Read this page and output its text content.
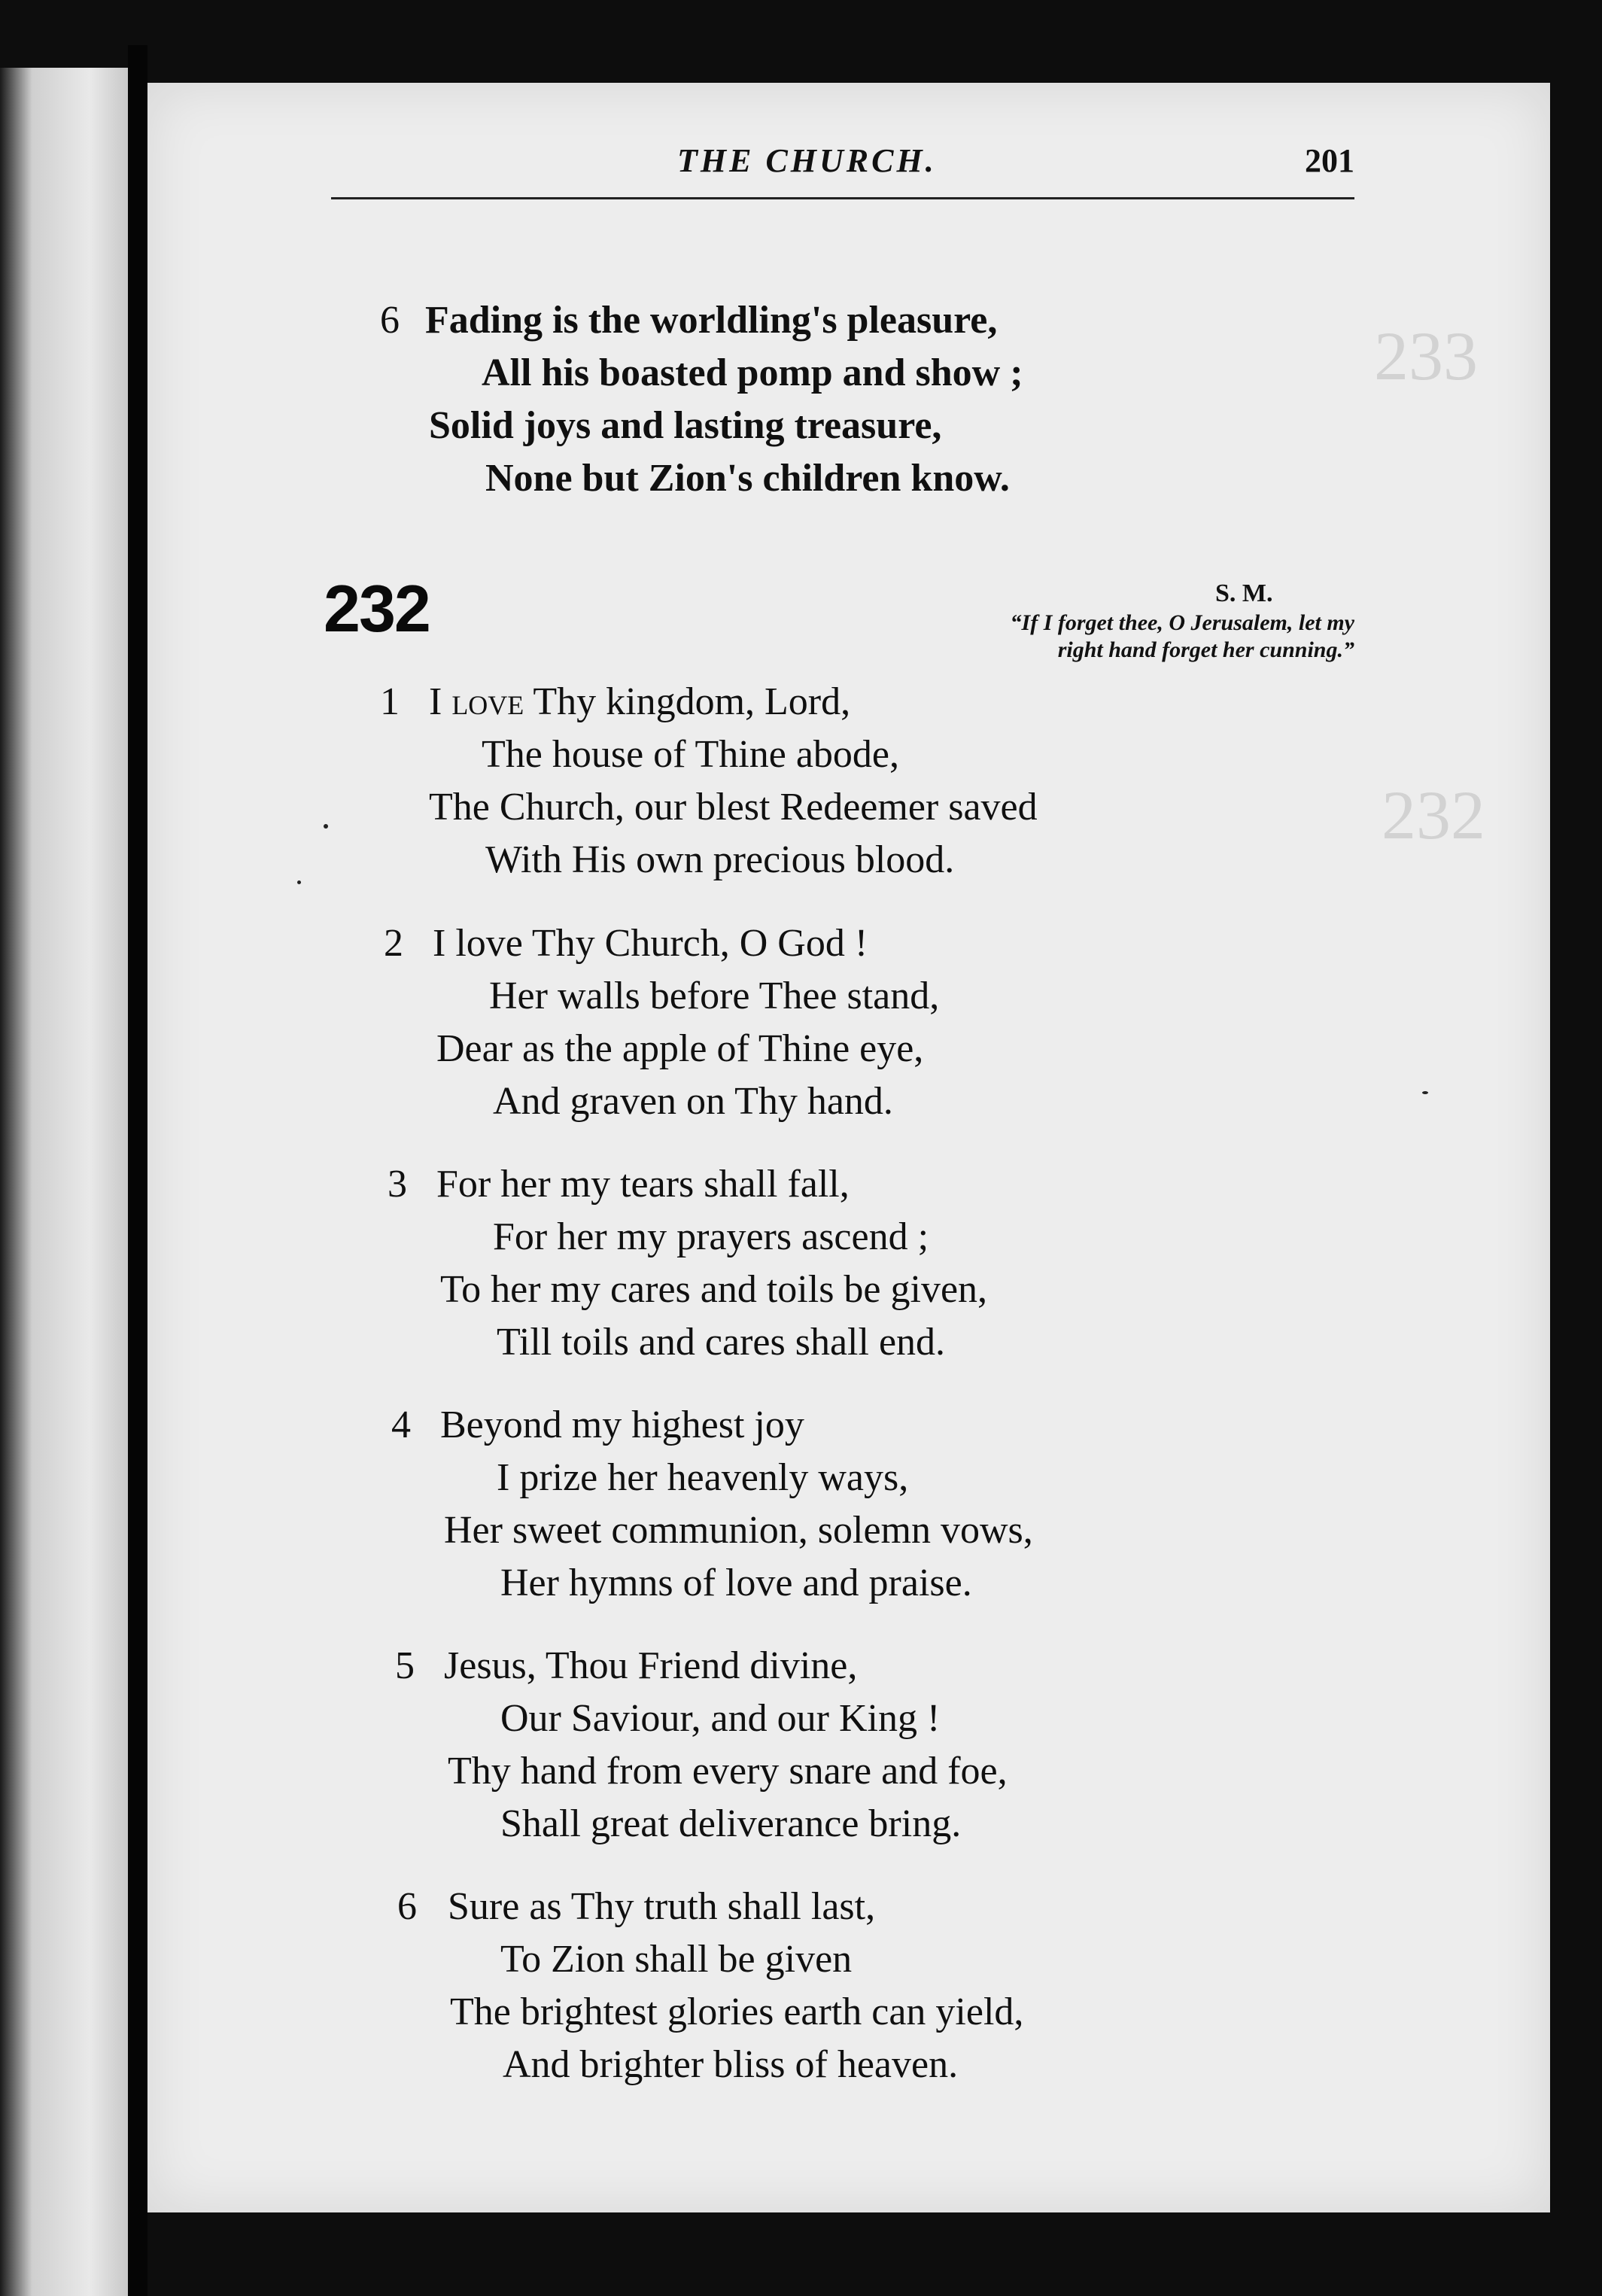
233
232
THE CHURCH.	201
6 Fading is the worldling's pleasure,
All his boasted pomp and show ;
Solid joys and lasting treasure,
None but Zion's children know.
232	S. M.
“If I forget thee, O Jerusalem, let my
right hand forget her cunning.”
1 I love Thy kingdom, Lord,
The house of Thine abode,
The Church, our blest Redeemer saved
With His own precious blood.
2 I love Thy Church, O God !
Her walls before Thee stand,
Dear as the apple of Thine eye,
And graven on Thy hand.
3 For her my tears shall fall,
For her my prayers ascend ;
To her my cares and toils be given,
Till toils and cares shall end.
4 Beyond my highest joy
I prize her heavenly ways,
Her sweet communion, solemn vows,
Her hymns of love and praise.
5 Jesus, Thou Friend divine,
Our Saviour, and our King !
Thy hand from every snare and foe,
Shall great deliverance bring.
6 Sure as Thy truth shall last,
To Zion shall be given
The brightest glories earth can yield,
And brighter bliss of heaven.
